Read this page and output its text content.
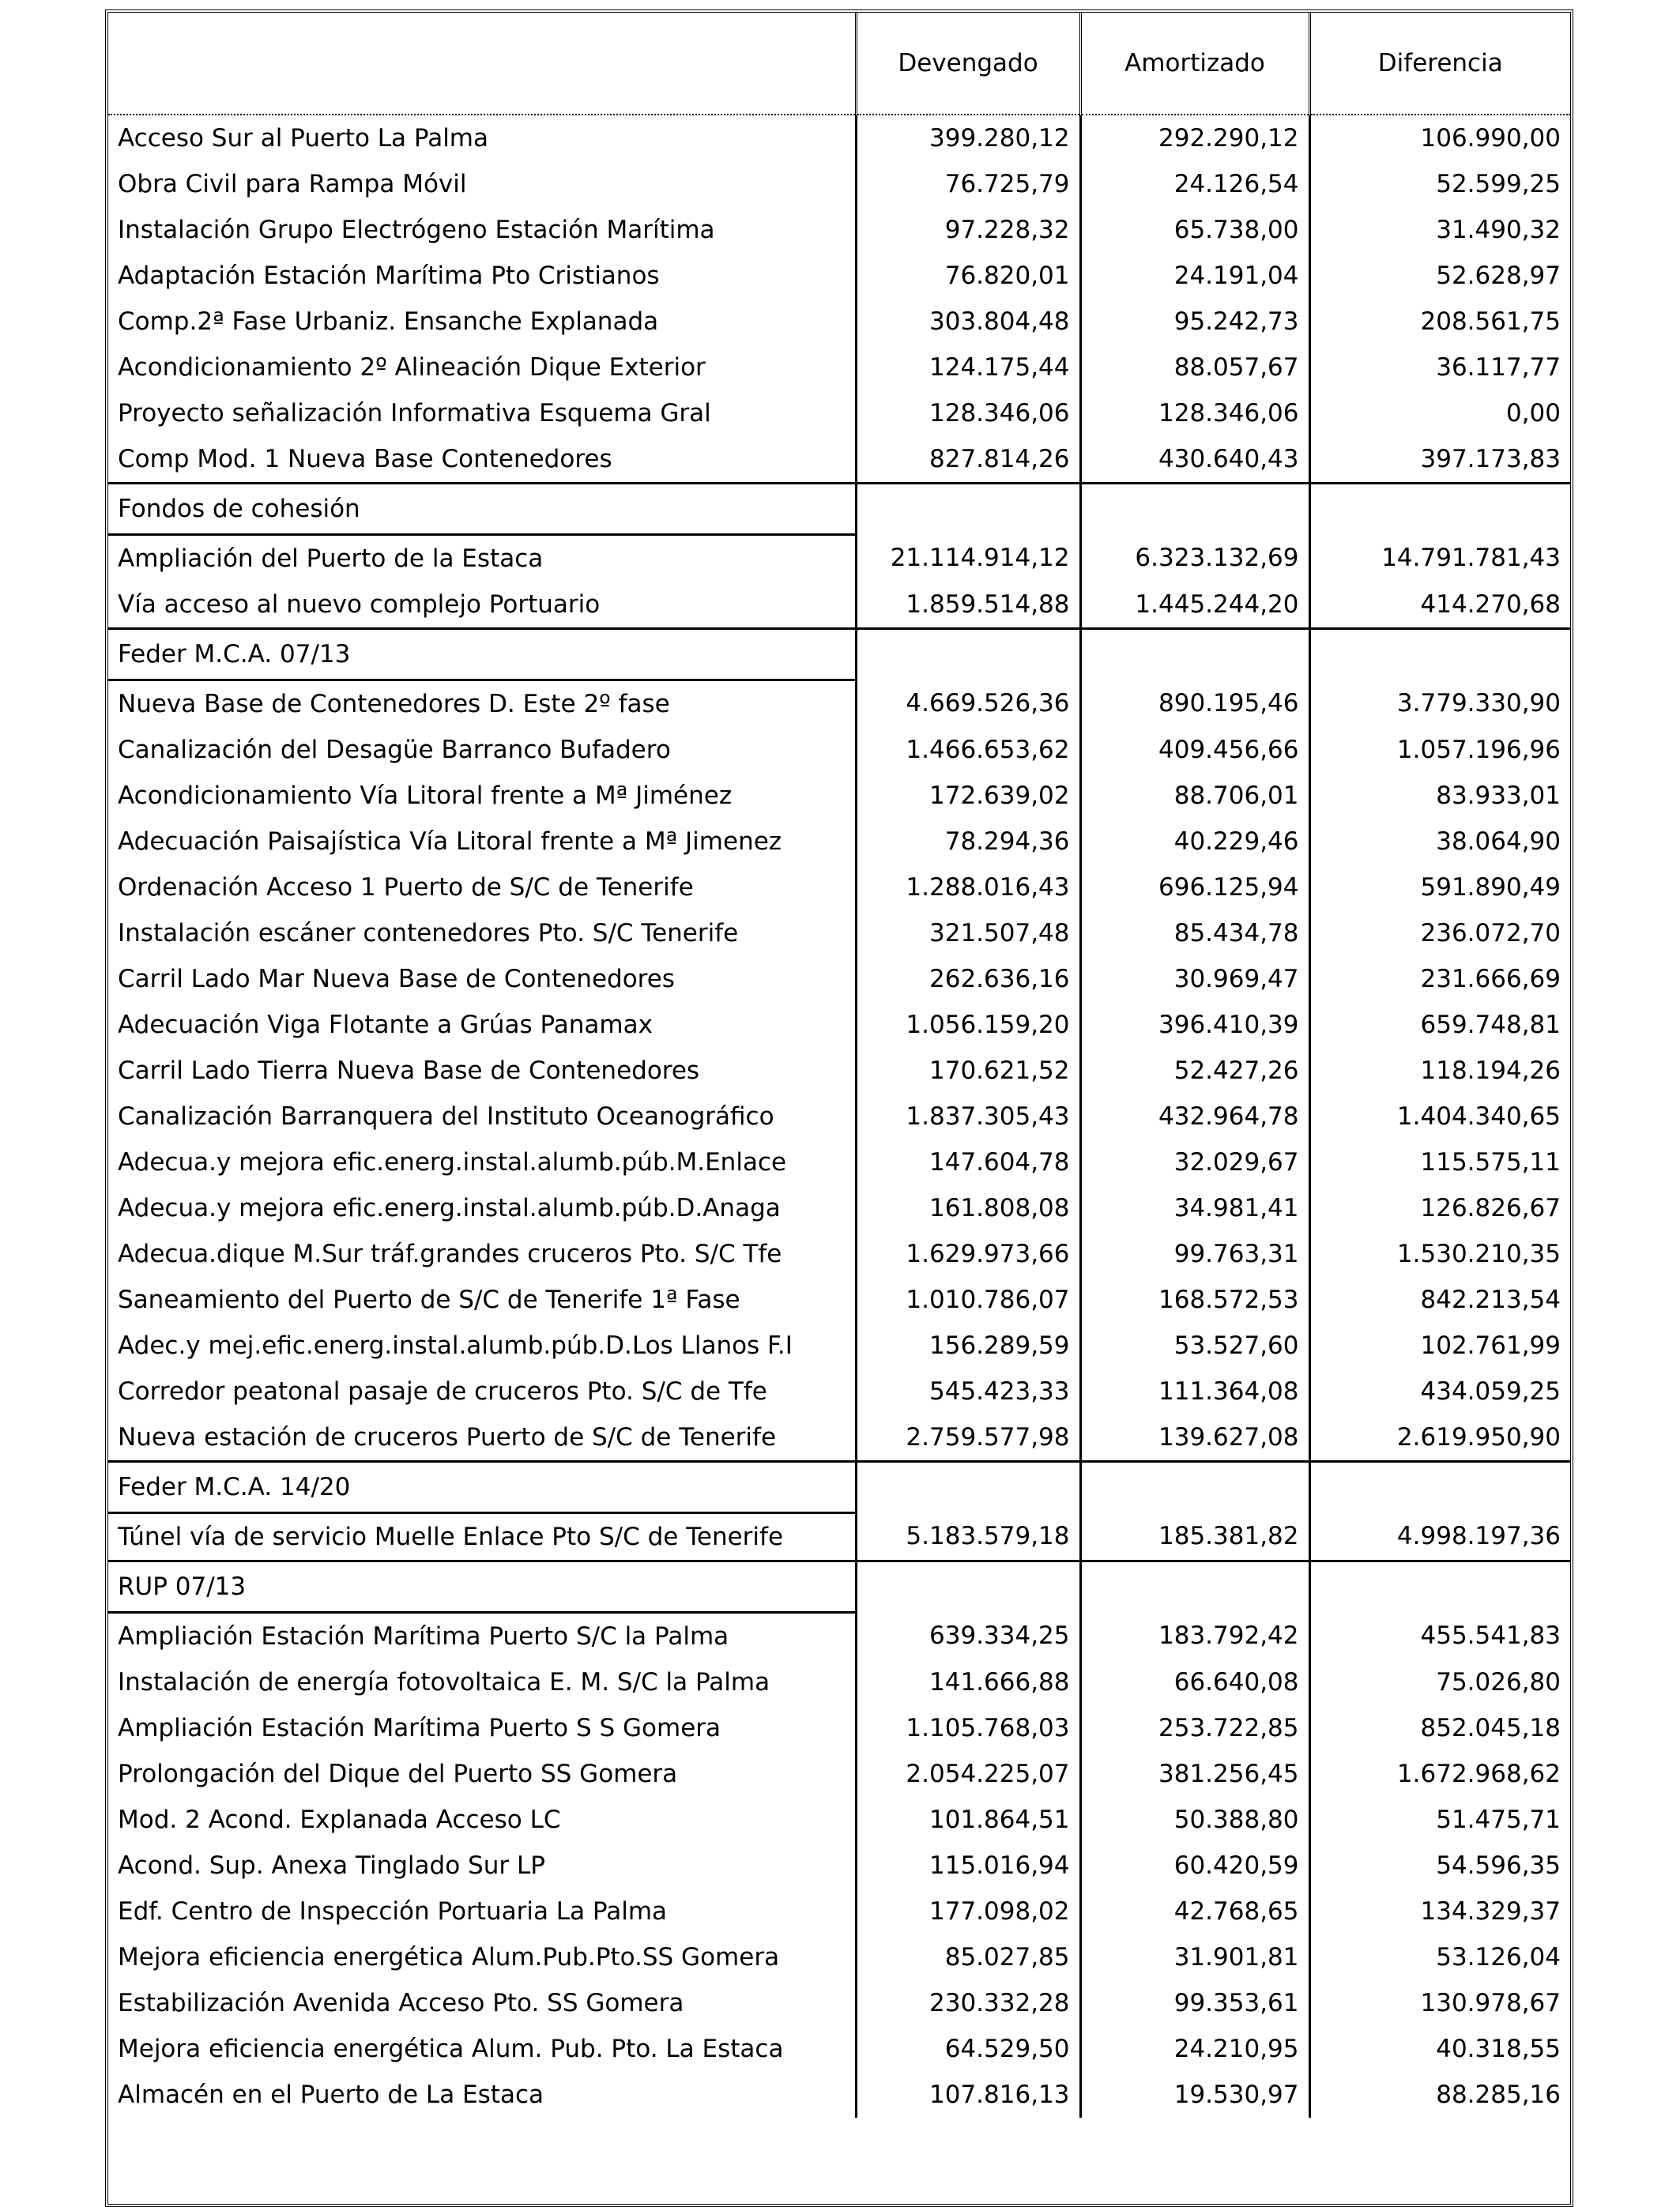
	Devengado	Amortizado	Diferencia
Acceso Sur al Puerto La Palma	399.280,12	292.290,12	106.990,00
Obra Civil para Rampa Móvil	76.725,79	24.126,54	52.599,25
Instalación Grupo Electrógeno Estación Marítima	97.228,32	65.738,00	31.490,32
Adaptación Estación Marítima Pto Cristianos	76.820,01	24.191,04	52.628,97
Comp.2ª Fase Urbaniz. Ensanche Explanada	303.804,48	95.242,73	208.561,75
Acondicionamiento 2º Alineación Dique Exterior	124.175,44	88.057,67	36.117,77
Proyecto señalización Informativa Esquema Gral	128.346,06	128.346,06	0,00
Comp Mod. 1 Nueva Base Contenedores	827.814,26	430.640,43	397.173,83
Fondos de cohesión			
Ampliación del Puerto de la Estaca	21.114.914,12	6.323.132,69	14.791.781,43
Vía acceso al nuevo complejo Portuario	1.859.514,88	1.445.244,20	414.270,68
Feder M.C.A. 07/13			
Nueva Base de Contenedores D. Este 2º fase	4.669.526,36	890.195,46	3.779.330,90
Canalización del Desagüe Barranco Bufadero	1.466.653,62	409.456,66	1.057.196,96
Acondicionamiento Vía Litoral frente a Mª Jiménez	172.639,02	88.706,01	83.933,01
Adecuación Paisajística Vía Litoral frente a Mª Jimenez	78.294,36	40.229,46	38.064,90
Ordenación Acceso 1 Puerto de S/C de Tenerife	1.288.016,43	696.125,94	591.890,49
Instalación escáner contenedores Pto. S/C Tenerife	321.507,48	85.434,78	236.072,70
Carril Lado Mar Nueva Base de Contenedores	262.636,16	30.969,47	231.666,69
Adecuación Viga Flotante a Grúas Panamax	1.056.159,20	396.410,39	659.748,81
Carril Lado Tierra Nueva Base de Contenedores	170.621,52	52.427,26	118.194,26
Canalización Barranquera del Instituto Oceanográfico	1.837.305,43	432.964,78	1.404.340,65
Adecua.y mejora efic.energ.instal.alumb.púb.M.Enlace	147.604,78	32.029,67	115.575,11
Adecua.y mejora efic.energ.instal.alumb.púb.D.Anaga	161.808,08	34.981,41	126.826,67
Adecua.dique M.Sur tráf.grandes cruceros Pto. S/C Tfe	1.629.973,66	99.763,31	1.530.210,35
Saneamiento del Puerto de S/C de Tenerife 1ª Fase	1.010.786,07	168.572,53	842.213,54
Adec.y mej.efic.energ.instal.alumb.púb.D.Los Llanos F.I	156.289,59	53.527,60	102.761,99
Corredor peatonal pasaje de cruceros Pto. S/C de Tfe	545.423,33	111.364,08	434.059,25
Nueva estación de cruceros Puerto de S/C de Tenerife	2.759.577,98	139.627,08	2.619.950,90
Feder M.C.A. 14/20			
Túnel vía de servicio Muelle Enlace Pto S/C de Tenerife	5.183.579,18	185.381,82	4.998.197,36
RUP 07/13			
Ampliación Estación Marítima Puerto S/C la Palma	639.334,25	183.792,42	455.541,83
Instalación de energía fotovoltaica E. M. S/C la Palma	141.666,88	66.640,08	75.026,80
Ampliación Estación Marítima Puerto S S Gomera	1.105.768,03	253.722,85	852.045,18
Prolongación del Dique del Puerto SS Gomera	2.054.225,07	381.256,45	1.672.968,62
Mod. 2 Acond. Explanada Acceso LC	101.864,51	50.388,80	51.475,71
Acond. Sup. Anexa Tinglado Sur LP	115.016,94	60.420,59	54.596,35
Edf. Centro de Inspección Portuaria La Palma	177.098,02	42.768,65	134.329,37
Mejora eficiencia energética Alum.Pub.Pto.SS Gomera	85.027,85	31.901,81	53.126,04
Estabilización Avenida Acceso Pto. SS Gomera	230.332,28	99.353,61	130.978,67
Mejora eficiencia energética Alum. Pub. Pto. La Estaca	64.529,50	24.210,95	40.318,55
Almacén en el Puerto de La Estaca	107.816,13	19.530,97	88.285,16
